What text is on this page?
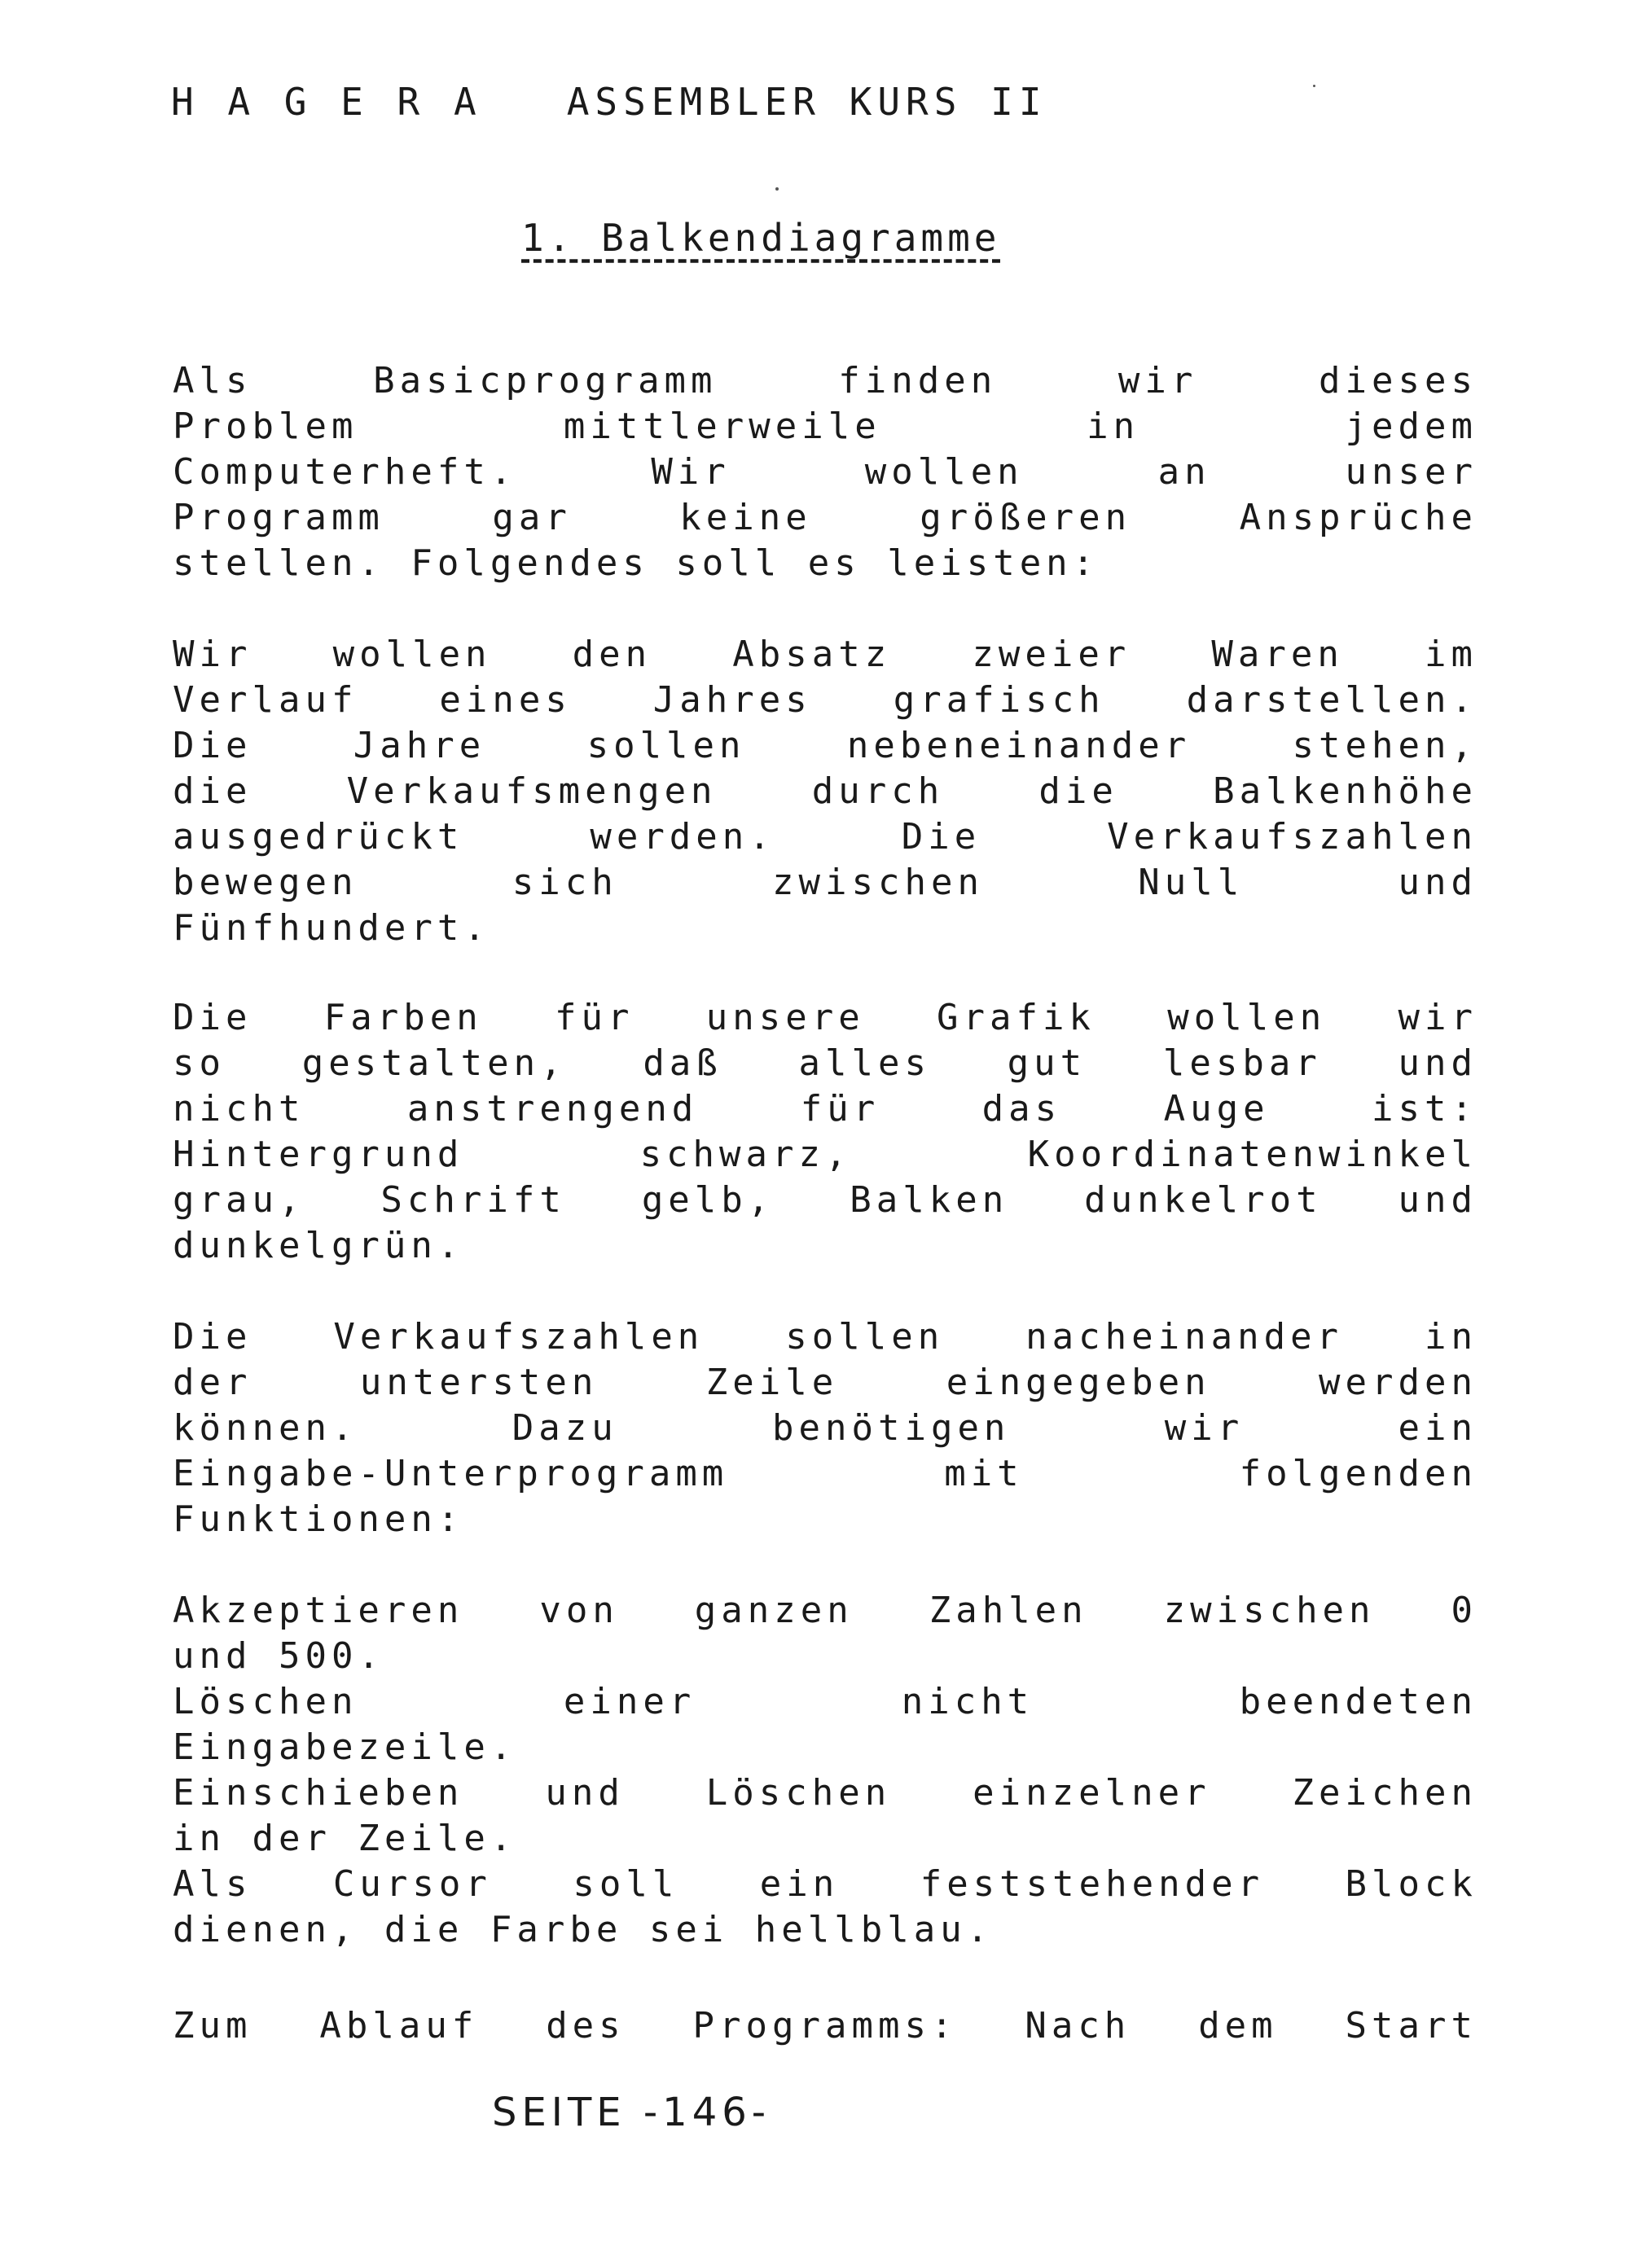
H A G E R A   ASSEMBLER KURS II
1. Balkendiagramme
Als Basicprogramm finden wir dieses
Problem mittlerweile in jedem
Computerheft. Wir wollen an unser
Programm gar keine größeren Ansprüche
stellen. Folgendes soll es leisten:
Wir wollen den Absatz zweier Waren im
Verlauf eines Jahres grafisch darstellen.
Die Jahre sollen nebeneinander stehen,
die Verkaufsmengen durch die Balkenhöhe
ausgedrückt werden. Die Verkaufszahlen
bewegen sich zwischen Null und
Fünfhundert.
Die Farben für unsere Grafik wollen wir
so gestalten, daß alles gut lesbar und
nicht anstrengend für das Auge ist:
Hintergrund schwarz, Koordinatenwinkel
grau, Schrift gelb, Balken dunkelrot und
dunkelgrün.
Die Verkaufszahlen sollen nacheinander in
der untersten Zeile eingegeben werden
können. Dazu benötigen wir ein
Eingabe-Unterprogramm mit folgenden
Funktionen:
Akzeptieren von ganzen Zahlen zwischen 0
und 500.
Löschen einer nicht beendeten
Eingabezeile.
Einschieben und Löschen einzelner Zeichen
in der Zeile.
Als Cursor soll ein feststehender Block
dienen, die Farbe sei hellblau.
Zum Ablauf des Programms: Nach dem Start
SEITE -146-
